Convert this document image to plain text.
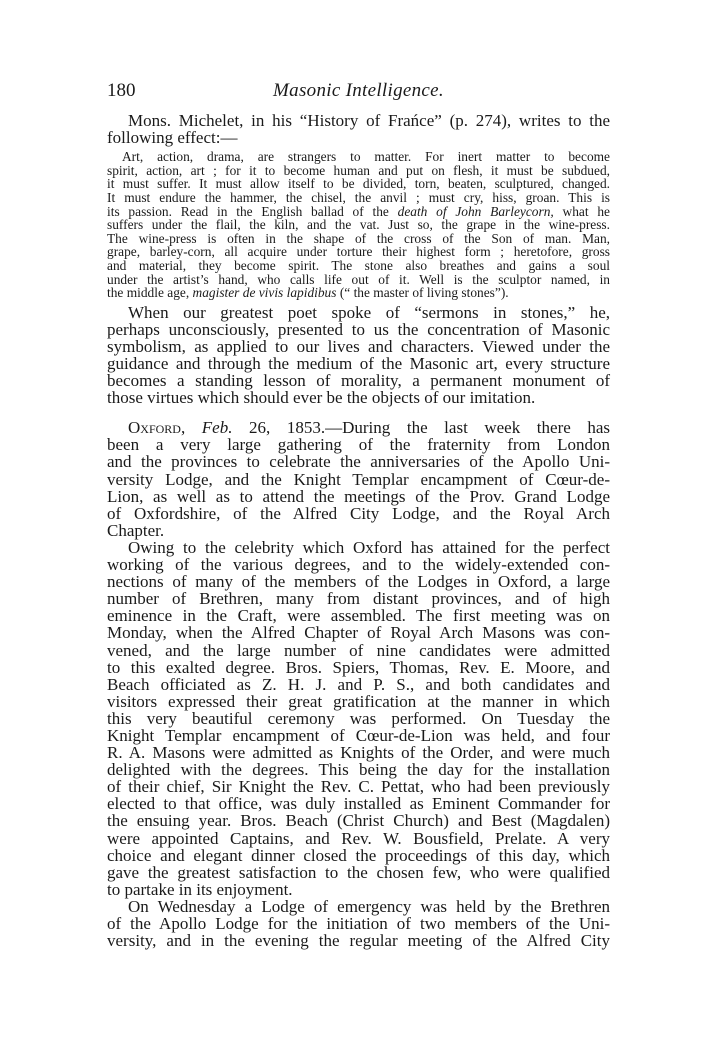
180	Masonic Intelligence.
Mons. Michelet, in his “History of Frańce” (p. 274), writes to the
following effect:—
Art, action, drama, are strangers to matter. For inert matter to become
spirit, action, art ; for it to become human and put on flesh, it must be subdued,
it must suffer. It must allow itself to be divided, torn, beaten, sculptured, changed.
It must endure the hammer, the chisel, the anvil ; must cry, hiss, groan. This is
its passion. Read in the English ballad of the death of John Barleycorn, what he
suffers under the flail, the kiln, and the vat. Just so, the grape in the wine-press.
The wine-press is often in the shape of the cross of the Son of man. Man,
grape, barley-corn, all acquire under torture their highest form ; heretofore, gross
and material, they become spirit. The stone also breathes and gains a soul
under the artist’s hand, who calls life out of it. Well is the sculptor named, in
the middle age, magister de vivis lapidibus (“ the master of living stones”).
When our greatest poet spoke of “sermons in stones,” he,
perhaps unconsciously, presented to us the concentration of Masonic
symbolism, as applied to our lives and characters. Viewed under the
guidance and through the medium of the Masonic art, every structure
becomes a standing lesson of morality, a permanent monument of
those virtues which should ever be the objects of our imitation.
Oxford, Feb. 26, 1853.—During the last week there has
been a very large gathering of the fraternity from London
and the provinces to celebrate the anniversaries of the Apollo Uni-
versity Lodge, and the Knight Templar encampment of Cœur-de-
Lion, as well as to attend the meetings of the Prov. Grand Lodge
of Oxfordshire, of the Alfred City Lodge, and the Royal Arch
Chapter.
Owing to the celebrity which Oxford has attained for the perfect
working of the various degrees, and to the widely-extended con-
nections of many of the members of the Lodges in Oxford, a large
number of Brethren, many from distant provinces, and of high
eminence in the Craft, were assembled. The first meeting was on
Monday, when the Alfred Chapter of Royal Arch Masons was con-
vened, and the large number of nine candidates were admitted
to this exalted degree. Bros. Spiers, Thomas, Rev. E. Moore, and
Beach officiated as Z. H. J. and P. S., and both candidates and
visitors expressed their great gratification at the manner in which
this very beautiful ceremony was performed. On Tuesday the
Knight Templar encampment of Cœur-de-Lion was held, and four
R. A. Masons were admitted as Knights of the Order, and were much
delighted with the degrees. This being the day for the installation
of their chief, Sir Knight the Rev. C. Pettat, who had been previously
elected to that office, was duly installed as Eminent Commander for
the ensuing year. Bros. Beach (Christ Church) and Best (Magdalen)
were appointed Captains, and Rev. W. Bousfield, Prelate. A very
choice and elegant dinner closed the proceedings of this day, which
gave the greatest satisfaction to the chosen few, who were qualified
to partake in its enjoyment.
On Wednesday a Lodge of emergency was held by the Brethren
of the Apollo Lodge for the initiation of two members of the Uni-
versity, and in the evening the regular meeting of the Alfred City
